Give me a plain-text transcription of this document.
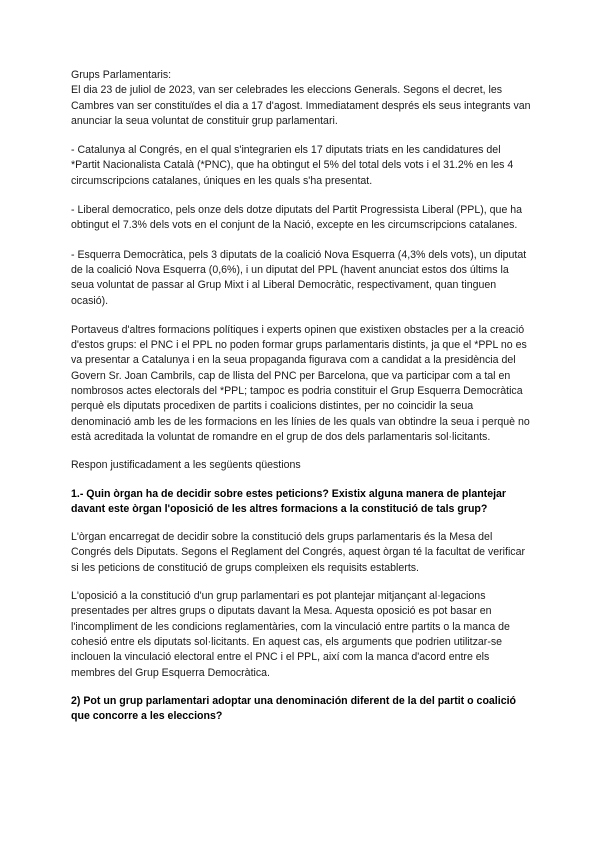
Grups Parlamentaris:

El dia 23 de juliol de 2023, van ser celebrades les eleccions Generals. Segons el decret, les Cambres van ser constituïdes el dia a 17 d'agost. Immediatament després els seus integrants van anunciar la seua voluntat de constituir grup parlamentari.

- Catalunya al Congrés, en el qual s'integrarien els 17 diputats triats en les candidatures del *Partit Nacionalista Català (*PNC), que ha obtingut el 5% del total dels vots i el 31.2% en les 4 circumscripcions catalanes, úniques en les quals s'ha presentat.

- Liberal democratico, pels onze dels dotze diputats del Partit Progressista Liberal (PPL), que ha obtingut el 7.3% dels vots en el conjunt de la Nació, excepte en les circumscripcions catalanes.

- Esquerra Democràtica, pels 3 diputats de la coalició Nova Esquerra (4,3% dels vots), un diputat de la coalició Nova Esquerra (0,6%), i un diputat del PPL (havent anunciat estos dos últims la seua voluntat de passar al Grup Mixt i al Liberal Democràtic, respectivament, quan tinguen ocasió).

Portaveus d'altres formacions polítiques i experts opinen que existixen obstacles per a la creació d'estos grups: el PNC i el PPL no poden formar grups parlamentaris distints, ja que el *PPL no es va presentar a Catalunya i en la seua propaganda figurava com a candidat a la presidència del Govern Sr. Joan Cambrils, cap de llista del PNC per Barcelona, que va participar com a tal en nombrosos actes electorals del *PPL; tampoc es podria constituir el Grup Esquerra Democràtica perquè els diputats procedixen de partits i coalicions distintes, per no coincidir la seua denominació amb les de les formacions en les línies de les quals van obtindre la seua i perquè no està acreditada la voluntat de romandre en el grup de dos dels parlamentaris sol·licitants.

Respon justificadament a les següents qüestions

1.- Quin òrgan ha de decidir sobre estes peticions? Existix alguna manera de plantejar davant este òrgan l'oposició de les altres formacions a la constitució de tals grup?

L'òrgan encarregat de decidir sobre la constitució dels grups parlamentaris és la Mesa del Congrés dels Diputats. Segons el Reglament del Congrés, aquest òrgan té la facultat de verificar si les peticions de constitució de grups compleixen els requisits establerts.

L'oposició a la constitució d'un grup parlamentari es pot plantejar mitjançant al·legacions presentades per altres grups o diputats davant la Mesa. Aquesta oposició es pot basar en l'incompliment de les condicions reglamentàries, com la vinculació entre partits o la manca de cohesió entre els diputats sol·licitants. En aquest cas, els arguments que podrien utilitzar-se inclouen la vinculació electoral entre el PNC i el PPL, així com la manca d'acord entre els membres del Grup Esquerra Democràtica.

2) Pot un grup parlamentari adoptar una denominación diferent de la del partit o coalició que concorre a les eleccions?
